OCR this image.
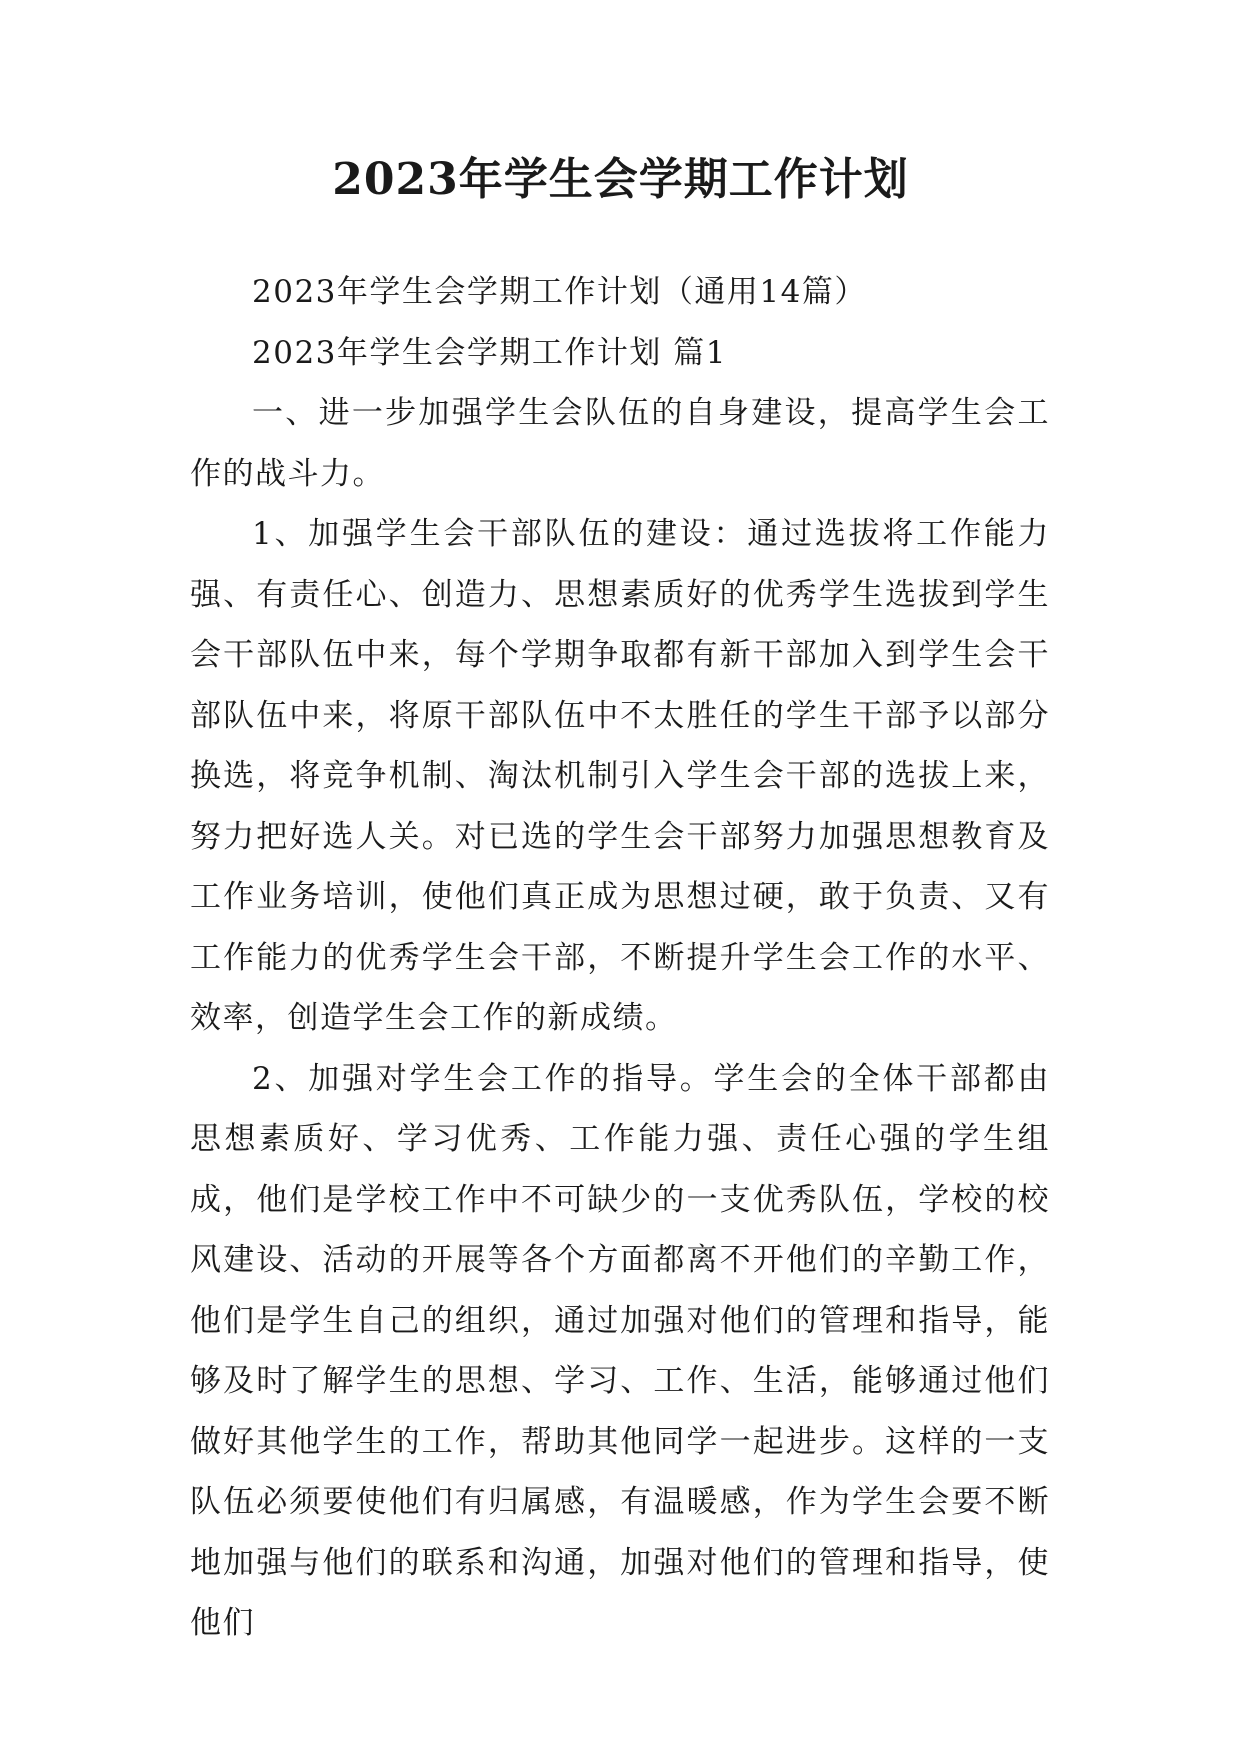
2023年学生会学期工作计划

2023年学生会学期工作计划（通用14篇）

2023年学生会学期工作计划 篇1

一、进一步加强学生会队伍的自身建设，提高学生会工作的战斗力。

1、加强学生会干部队伍的建设：通过选拔将工作能力强、有责任心、创造力、思想素质好的优秀学生选拔到学生会干部队伍中来，每个学期争取都有新干部加入到学生会干部队伍中来，将原干部队伍中不太胜任的学生干部予以部分换选，将竞争机制、淘汰机制引入学生会干部的选拔上来，努力把好选人关。对已选的学生会干部努力加强思想教育及工作业务培训，使他们真正成为思想过硬，敢于负责、又有工作能力的优秀学生会干部，不断提升学生会工作的水平、效率，创造学生会工作的新成绩。

2、加强对学生会工作的指导。学生会的全体干部都由思想素质好、学习优秀、工作能力强、责任心强的学生组成，他们是学校工作中不可缺少的一支优秀队伍，学校的校风建设、活动的开展等各个方面都离不开他们的辛勤工作，他们是学生自己的组织，通过加强对他们的管理和指导，能够及时了解学生的思想、学习、工作、生活，能够通过他们做好其他学生的工作，帮助其他同学一起进步。这样的一支队伍必须要使他们有归属感，有温暖感，作为学生会要不断地加强与他们的联系和沟通，加强对他们的管理和指导，使他们
